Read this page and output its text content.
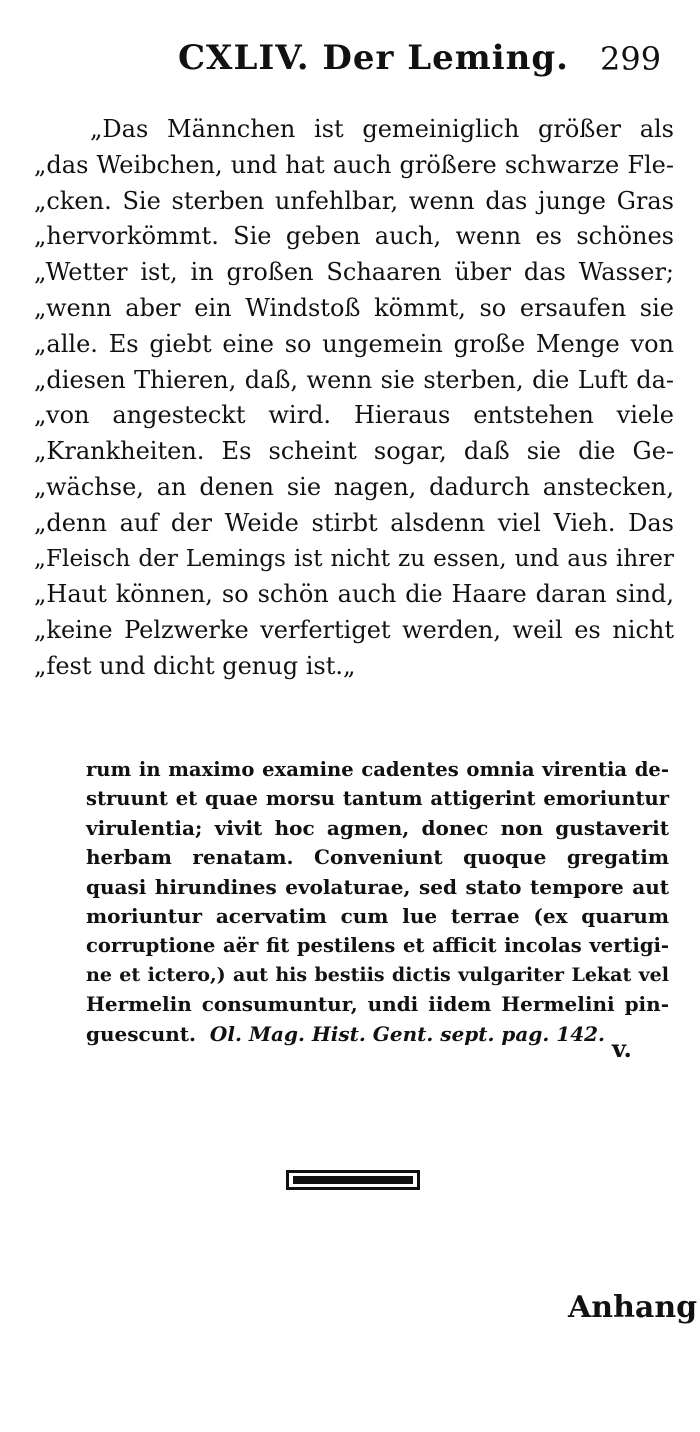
CXLIV. Der Leming. 299
„Das Männchen ist gemeiniglich größer als
„das Weibchen, und hat auch größere schwarze Fle-
„cken. Sie sterben unfehlbar, wenn das junge Gras
„hervorkömmt. Sie geben auch, wenn es schönes
„Wetter ist, in großen Schaaren über das Wasser;
„wenn aber ein Windstoß kömmt, so ersaufen sie
„alle. Es giebt eine so ungemein große Menge von
„diesen Thieren, daß, wenn sie sterben, die Luft da-
„von angesteckt wird. Hieraus entstehen viele
„Krankheiten. Es scheint sogar, daß sie die Ge-
„wächse, an denen sie nagen, dadurch anstecken,
„denn auf der Weide stirbt alsdenn viel Vieh. Das
„Fleisch der Lemings ist nicht zu essen, und aus ihrer
„Haut können, so schön auch die Haare daran sind,
„keine Pelzwerke verfertiget werden, weil es nicht
„fest und dicht genug ist.„
rum in maximo examine cadentes omnia virentia de-
struunt et quae morsu tantum attigerint emoriuntur
virulentia; vivit hoc agmen, donec non gustaverit
herbam renatam. Conveniunt quoque gregatim
quasi hirundines evolaturae, sed stato tempore aut
moriuntur acervatim cum lue terrae (ex quarum
corruptione aër fit pestilens et afficit incolas vertigi-
ne et ictero,) aut his bestiis dictis vulgariter Lekat vel
Hermelin consumuntur, undi iidem Hermelini pin-
guescunt. Ol. Mag. Hist. Gent. sept. pag. 142.
v.
Anhang
